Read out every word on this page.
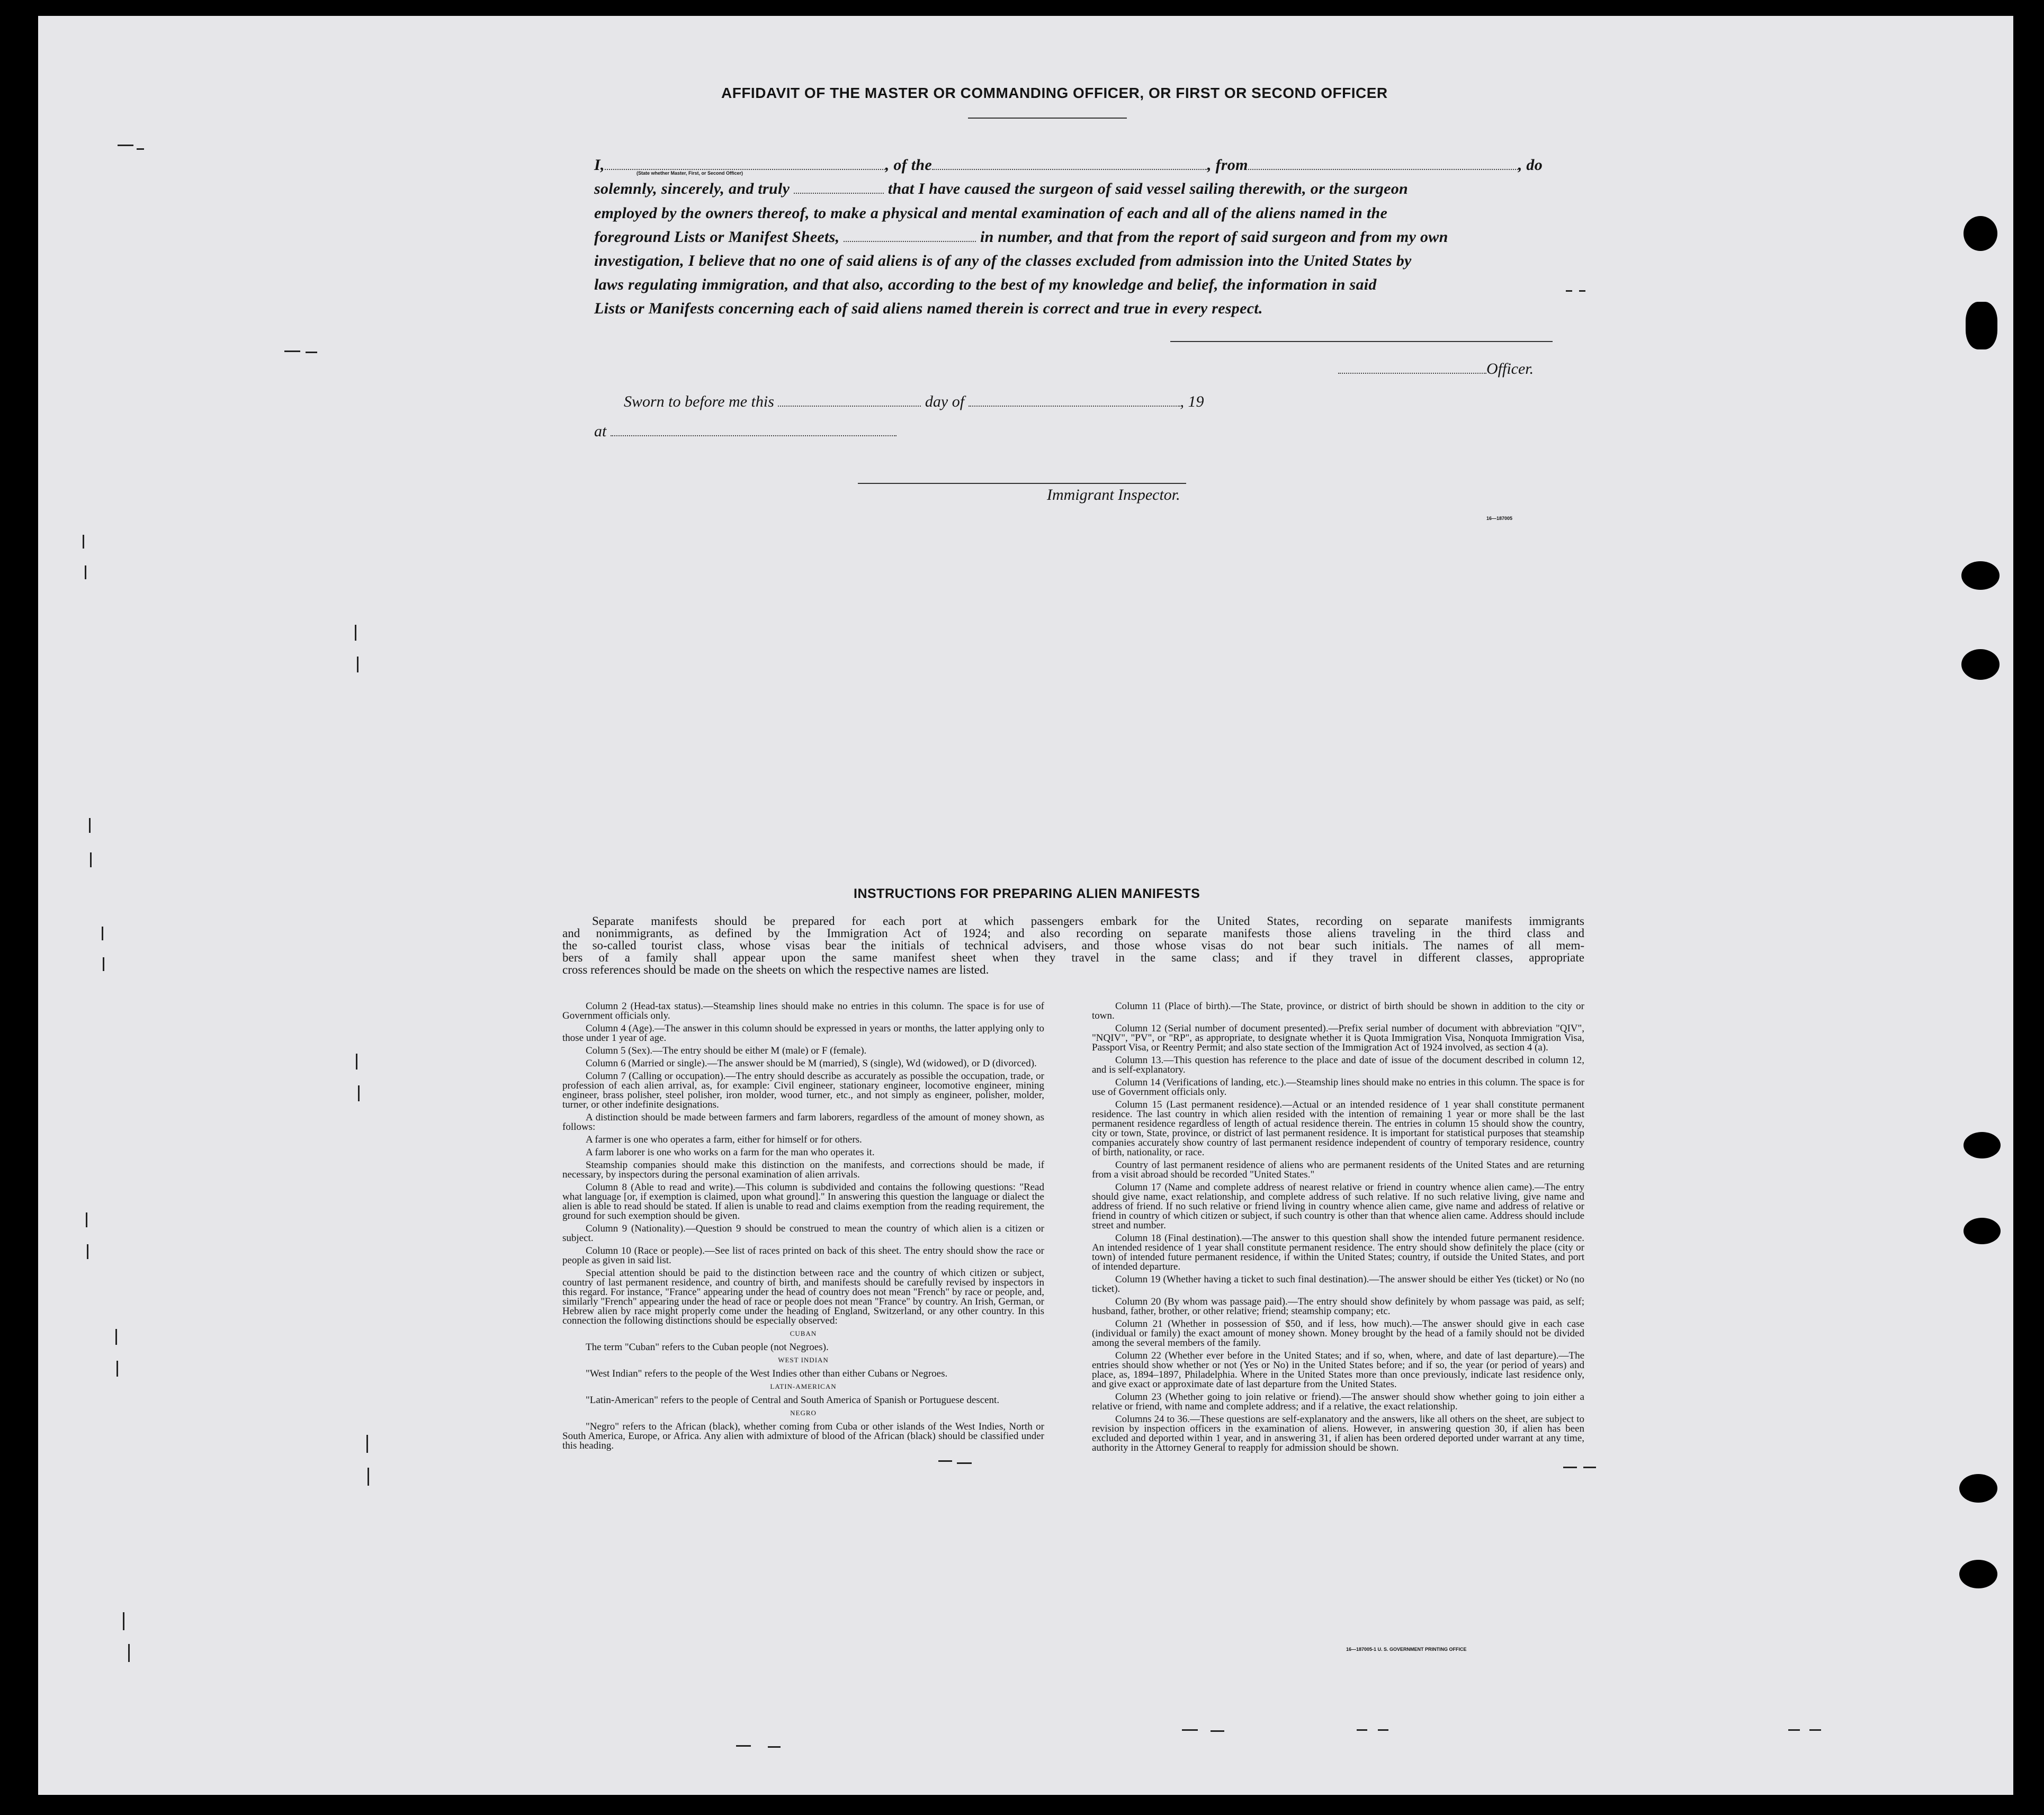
AFFIDAVIT OF THE MASTER OR COMMANDING OFFICER, OR FIRST OR SECOND OFFICER
I,	, of the	, from	, do
(State whether Master, First, or Second Officer)
solemnly, sincerely, and truly	that I have caused the surgeon of said vessel sailing therewith, or the surgeon
employed by the owners thereof, to make a physical and mental examination of each and all of the aliens named in the
foreground Lists or Manifest Sheets,	in number, and that from the report of said surgeon and from my own
investigation, I believe that no one of said aliens is of any of the classes excluded from admission into the United States by
laws regulating immigration, and that also, according to the best of my knowledge and belief, the information in said
Lists or Manifests concerning each of said aliens named therein is correct and true in every respect.
Officer.
Sworn to before me this	day of	, 19
at
Immigrant Inspector.
16—187005
INSTRUCTIONS FOR PREPARING ALIEN MANIFESTS
Separate manifests should be prepared for each port at which passengers embark for the United States, recording on separate manifests immigrants
and nonimmigrants, as defined by the Immigration Act of 1924; and also recording on separate manifests those aliens traveling in the third class and
the so-called tourist class, whose visas bear the initials of technical advisers, and those whose visas do not bear such initials. The names of all mem-
bers of a family shall appear upon the same manifest sheet when they travel in the same class; and if they travel in different classes, appropriate
cross references should be made on the sheets on which the respective names are listed.

Column 2 (Head-tax status).—Steamship lines should make no entries in this column. The space is for use of Government officials only.

Column 4 (Age).—The answer in this column should be expressed in years or months, the latter applying only to those under 1 year of age.

Column 5 (Sex).—The entry should be either M (male) or F (female).

Column 6 (Married or single).—The answer should be M (married), S (single), Wd (widowed), or D (divorced).

Column 7 (Calling or occupation).—The entry should describe as accurately as possible the occupation, trade, or profession of each alien arrival, as, for example: Civil engineer, stationary engineer, locomotive engineer, mining engineer, brass polisher, steel polisher, iron molder, wood turner, etc., and not simply as engineer, polisher, molder, turner, or other indefinite designations.

A distinction should be made between farmers and farm laborers, regardless of the amount of money shown, as follows:

A farmer is one who operates a farm, either for himself or for others.

A farm laborer is one who works on a farm for the man who operates it.

Steamship companies should make this distinction on the manifests, and corrections should be made, if necessary, by inspectors during the personal examination of alien arrivals.

Column 8 (Able to read and write).—This column is subdivided and contains the following questions: "Read what language [or, if exemption is claimed, upon what ground]." In answering this question the language or dialect the alien is able to read should be stated. If alien is unable to read and claims exemption from the reading requirement, the ground for such exemption should be given.

Column 9 (Nationality).—Question 9 should be construed to mean the country of which alien is a citizen or subject.

Column 10 (Race or people).—See list of races printed on back of this sheet. The entry should show the race or people as given in said list.

Special attention should be paid to the distinction between race and the country of which citizen or subject, country of last permanent residence, and country of birth, and manifests should be carefully revised by inspectors in this regard. For instance, "France" appearing under the head of country does not mean "French" by race or people, and, similarly "French" appearing under the head of race or people does not mean "France" by country. An Irish, German, or Hebrew alien by race might properly come under the heading of England, Switzerland, or any other country. In this connection the following distinctions should be especially observed:

CUBAN

The term "Cuban" refers to the Cuban people (not Negroes).

WEST INDIAN

"West Indian" refers to the people of the West Indies other than either Cubans or Negroes.

LATIN-AMERICAN

"Latin-American" refers to the people of Central and South America of Spanish or Portuguese descent.

NEGRO

"Negro" refers to the African (black), whether coming from Cuba or other islands of the West Indies, North or South America, Europe, or Africa. Any alien with admixture of blood of the African (black) should be classified under this heading.

Column 11 (Place of birth).—The State, province, or district of birth should be shown in addition to the city or town.

Column 12 (Serial number of document presented).—Prefix serial number of document with abbreviation "QIV", "NQIV", "PV", or "RP", as appropriate, to designate whether it is Quota Immigration Visa, Nonquota Immigration Visa, Passport Visa, or Reentry Permit; and also state section of the Immigration Act of 1924 involved, as section 4 (a).

Column 13.—This question has reference to the place and date of issue of the document described in column 12, and is self-explanatory.

Column 14 (Verifications of landing, etc.).—Steamship lines should make no entries in this column. The space is for use of Government officials only.

Column 15 (Last permanent residence).—Actual or an intended residence of 1 year shall constitute permanent residence. The last country in which alien resided with the intention of remaining 1 year or more shall be the last permanent residence regardless of length of actual residence therein. The entries in column 15 should show the country, city or town, State, province, or district of last permanent residence. It is important for statistical purposes that steamship companies accurately show country of last permanent residence independent of country of temporary residence, country of birth, nationality, or race.

Country of last permanent residence of aliens who are permanent residents of the United States and are returning from a visit abroad should be recorded "United States."

Column 17 (Name and complete address of nearest relative or friend in country whence alien came).—The entry should give name, exact relationship, and complete address of such relative. If no such relative living, give name and address of friend. If no such relative or friend living in country whence alien came, give name and address of relative or friend in country of which citizen or subject, if such country is other than that whence alien came. Address should include street and number.

Column 18 (Final destination).—The answer to this question shall show the intended future permanent residence. An intended residence of 1 year shall constitute permanent residence. The entry should show definitely the place (city or town) of intended future permanent residence, if within the United States; country, if outside the United States, and port of intended departure.

Column 19 (Whether having a ticket to such final destination).—The answer should be either Yes (ticket) or No (no ticket).

Column 20 (By whom was passage paid).—The entry should show definitely by whom passage was paid, as self; husband, father, brother, or other relative; friend; steamship company; etc.

Column 21 (Whether in possession of $50, and if less, how much).—The answer should give in each case (individual or family) the exact amount of money shown. Money brought by the head of a family should not be divided among the several members of the family.

Column 22 (Whether ever before in the United States; and if so, when, where, and date of last departure).—The entries should show whether or not (Yes or No) in the United States before; and if so, the year (or period of years) and place, as, 1894–1897, Philadelphia. Where in the United States more than once previously, indicate last residence only, and give exact or approximate date of last departure from the United States.

Column 23 (Whether going to join relative or friend).—The answer should show whether going to join either a relative or friend, with name and complete address; and if a relative, the exact relationship.

Columns 24 to 36.—These questions are self-explanatory and the answers, like all others on the sheet, are subject to revision by inspection officers in the examination of aliens. However, in answering question 30, if alien has been excluded and deported within 1 year, and in answering 31, if alien has been ordered deported under warrant at any time, authority in the Attorney General to reapply for admission should be shown.

16—187005-1 U. S. GOVERNMENT PRINTING OFFICE
